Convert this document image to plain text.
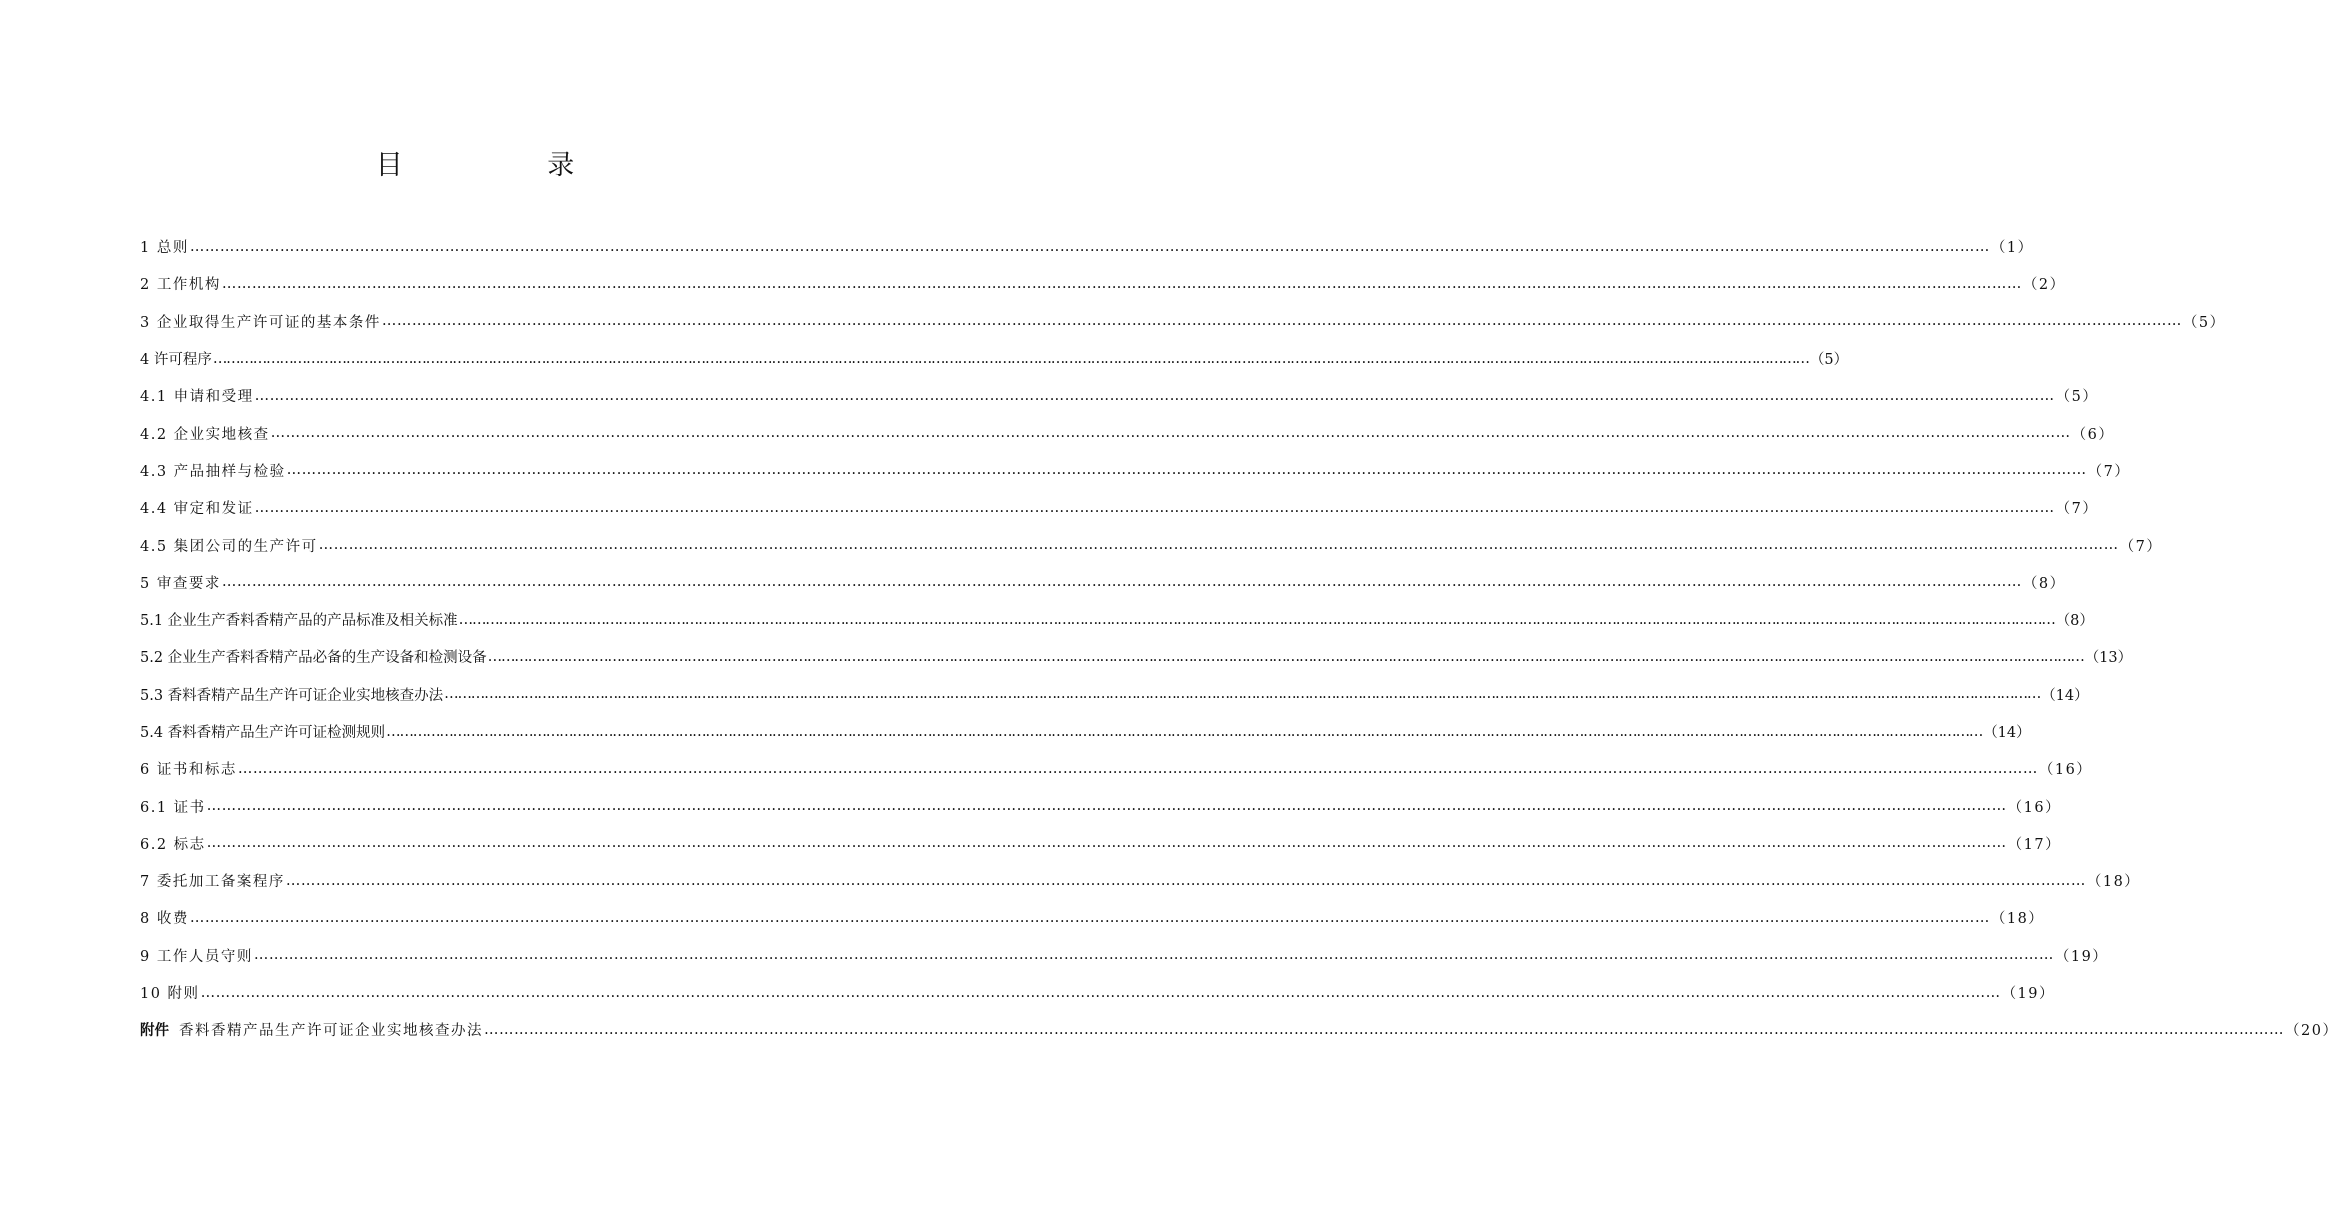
目 录
1 总则 ……………………………………………………………………………………………………………………………………………………………………………………………………………………………………………………………………………………………………………………………… （1）
2 工作机构 ……………………………………………………………………………………………………………………………………………………………………………………………………………………………………………………………………………………………………………………………… （2）
3 企业取得生产许可证的基本条件 ……………………………………………………………………………………………………………………………………………………………………………………………………………………………………………………………………………………………………………………………… （5）
4 许可程序 ……………………………………………………………………………………………………………………………………………………………………………………………………………………………………………………………………………………………………………………………… （5）
4.1 申请和受理 ……………………………………………………………………………………………………………………………………………………………………………………………………………………………………………………………………………………………………………………………… （5）
4.2 企业实地核查 ……………………………………………………………………………………………………………………………………………………………………………………………………………………………………………………………………………………………………………………………… （6）
4.3 产品抽样与检验 ……………………………………………………………………………………………………………………………………………………………………………………………………………………………………………………………………………………………………………………………… （7）
4.4 审定和发证 ……………………………………………………………………………………………………………………………………………………………………………………………………………………………………………………………………………………………………………………………… （7）
4.5 集团公司的生产许可 ……………………………………………………………………………………………………………………………………………………………………………………………………………………………………………………………………………………………………………………………… （7）
5 审查要求 ……………………………………………………………………………………………………………………………………………………………………………………………………………………………………………………………………………………………………………………………… （8）
5.1 企业生产香料香精产品的产品标准及相关标准 ……………………………………………………………………………………………………………………………………………………………………………………………………………………………………………………………………………………………………………………………… （8）
5.2 企业生产香料香精产品必备的生产设备和检测设备 ……………………………………………………………………………………………………………………………………………………………………………………………………………………………………………………………………………………………………………………………… （13）
5.3 香料香精产品生产许可证企业实地核查办法 ……………………………………………………………………………………………………………………………………………………………………………………………………………………………………………………………………………………………………………………………… （14）
5.4 香料香精产品生产许可证检测规则 ……………………………………………………………………………………………………………………………………………………………………………………………………………………………………………………………………………………………………………………………… （14）
6 证书和标志 ……………………………………………………………………………………………………………………………………………………………………………………………………………………………………………………………………………………………………………………………… （16）
6.1 证书 ……………………………………………………………………………………………………………………………………………………………………………………………………………………………………………………………………………………………………………………………… （16）
6.2 标志 ……………………………………………………………………………………………………………………………………………………………………………………………………………………………………………………………………………………………………………………………… （17）
7 委托加工备案程序 ……………………………………………………………………………………………………………………………………………………………………………………………………………………………………………………………………………………………………………………………… （18）
8 收费 ……………………………………………………………………………………………………………………………………………………………………………………………………………………………………………………………………………………………………………………………… （18）
9 工作人员守则 ……………………………………………………………………………………………………………………………………………………………………………………………………………………………………………………………………………………………………………………………… （19）
10 附则 ……………………………………………………………………………………………………………………………………………………………………………………………………………………………………………………………………………………………………………………………… （19）
附件 香料香精产品生产许可证企业实地核查办法 ……………………………………………………………………………………………………………………………………………………………………………………………………………………………………………………………………………………………………………………………… （20）
